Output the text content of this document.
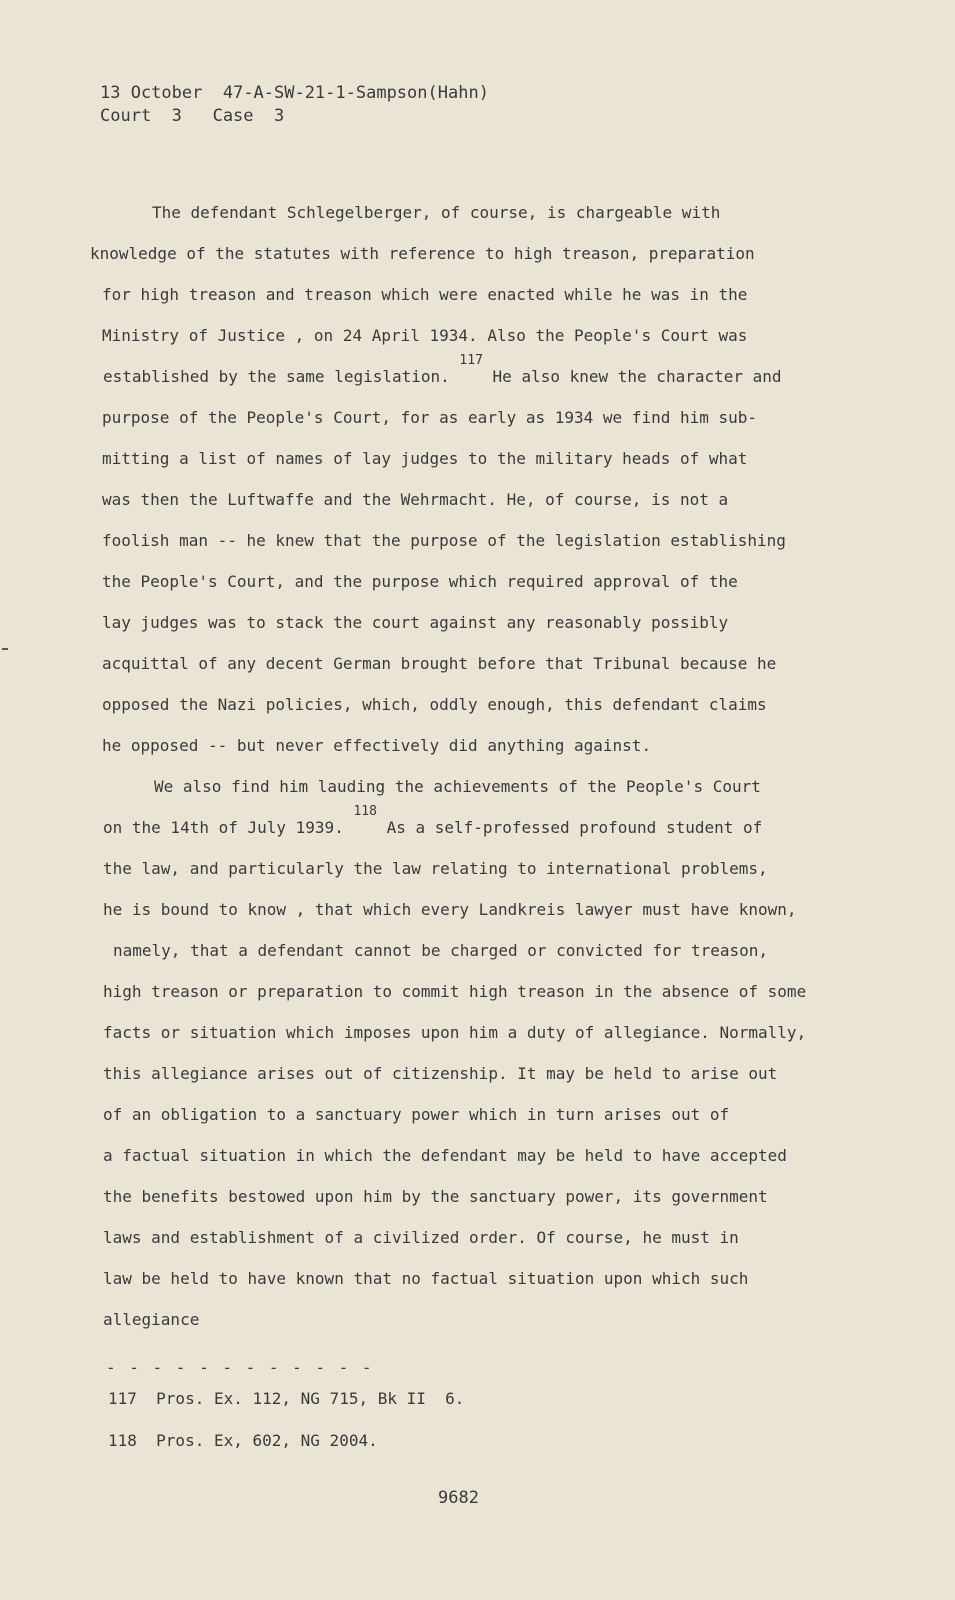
13 October  47-A-SW-21-1-Sampson(Hahn)
Court  3   Case  3
The defendant Schlegelberger, of course, is chargeable with
knowledge of the statutes with reference to high treason, preparation
for high treason and treason which were enacted while he was in the
Ministry of Justice , on 24 April 1934. Also the People's Court was
established by the same legislation. $^{117}$ He also knew the character and
purpose of the People's Court, for as early as 1934 we find him sub-
mitting a list of names of lay judges to the military heads of what
was then the Luftwaffe and the Wehrmacht. He, of course, is not a
foolish man -- he knew that the purpose of the legislation establishing
the People's Court, and the purpose which required approval of the
lay judges was to stack the court against any reasonably possibly
acquittal of any decent German brought before that Tribunal because he
opposed the Nazi policies, which, oddly enough, this defendant claims
he opposed -- but never effectively did anything against.
We also find him lauding the achievements of the People's Court
on the 14th of July 1939. $^{118}$ As a self-professed profound student of
the law, and particularly the law relating to international problems,
he is bound to know , that which every Landkreis lawyer must have known,
namely, that a defendant cannot be charged or convicted for treason,
high treason or preparation to commit high treason in the absence of some
facts or situation which imposes upon him a duty of allegiance. Normally,
this allegiance arises out of citizenship. It may be held to arise out
of an obligation to a sanctuary power which in turn arises out of
a factual situation in which the defendant may be held to have accepted
the benefits bestowed upon him by the sanctuary power, its government
laws and establishment of a civilized order. Of course, he must in
law be held to have known that no factual situation upon which such
allegiance
- - - - - - - - - - - -
117  Pros. Ex. 112, NG 715, Bk II  6.
118  Pros. Ex, 602, NG 2004.
9682
